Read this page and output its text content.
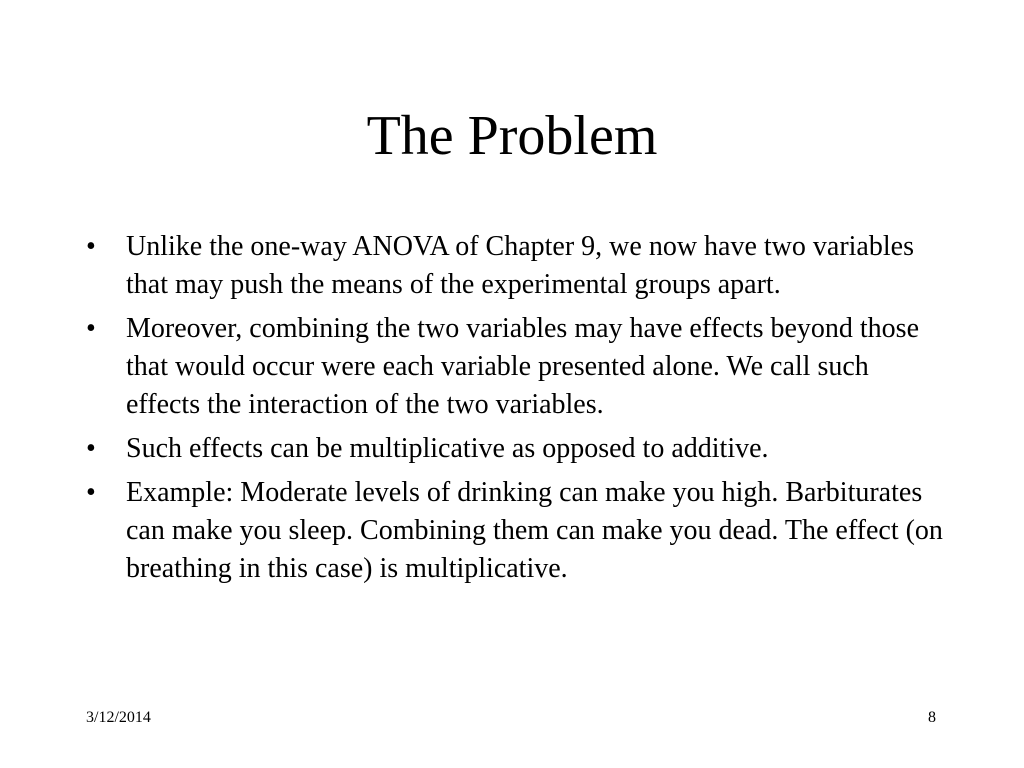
The Problem
•	Unlike the one-way ANOVA of Chapter 9, we now have two variables that may push the means of the experimental groups apart.
•	Moreover, combining the two variables may have effects beyond those that would occur were each variable presented alone. We call such effects the interaction of the two variables.
•	Such effects can be multiplicative as opposed to additive.
•	Example: Moderate levels of drinking can make you high. Barbiturates can make you sleep. Combining them can make you dead. The effect (on breathing in this case) is multiplicative.
3/12/2014	8
